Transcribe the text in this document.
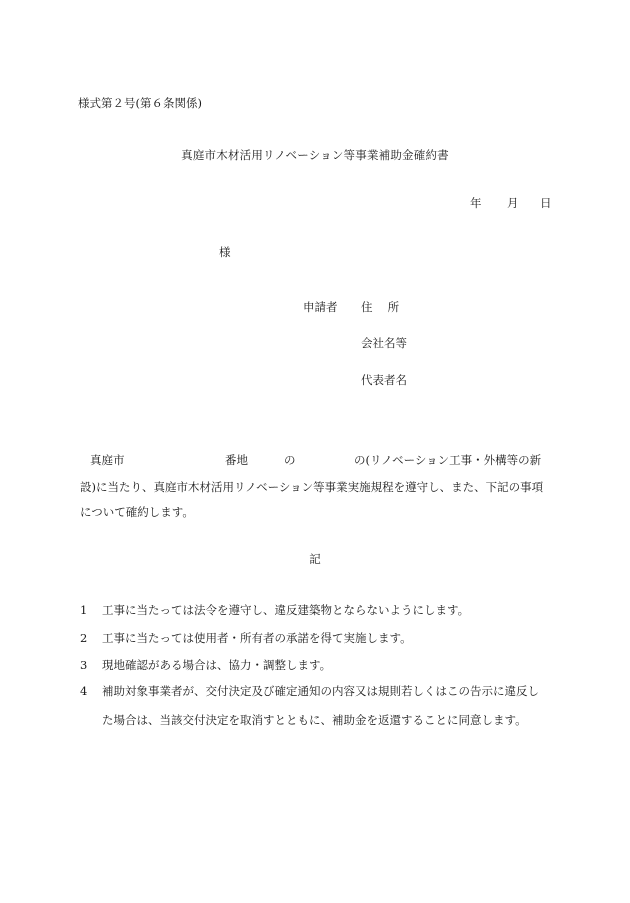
様式第２号(第６条関係)
真庭市木材活用リノベーション等事業補助金確約書
年 月 日
様
申請者 住　 所
会社名等
代表者名
真庭市	番地	の	の(リノベーション工事・外構等の新
設)に当たり、真庭市木材活用リノベーション等事業実施規程を遵守し、また、下記の事項
について確約します。
記
1 工事に当たっては法令を遵守し、違反建築物とならないようにします。
2 工事に当たっては使用者・所有者の承諾を得て実施します。
3 現地確認がある場合は、協力・調整します。
4 補助対象事業者が、交付決定及び確定通知の内容又は規則若しくはこの告示に違反し
た場合は、当該交付決定を取消すとともに、補助金を返還することに同意します。
